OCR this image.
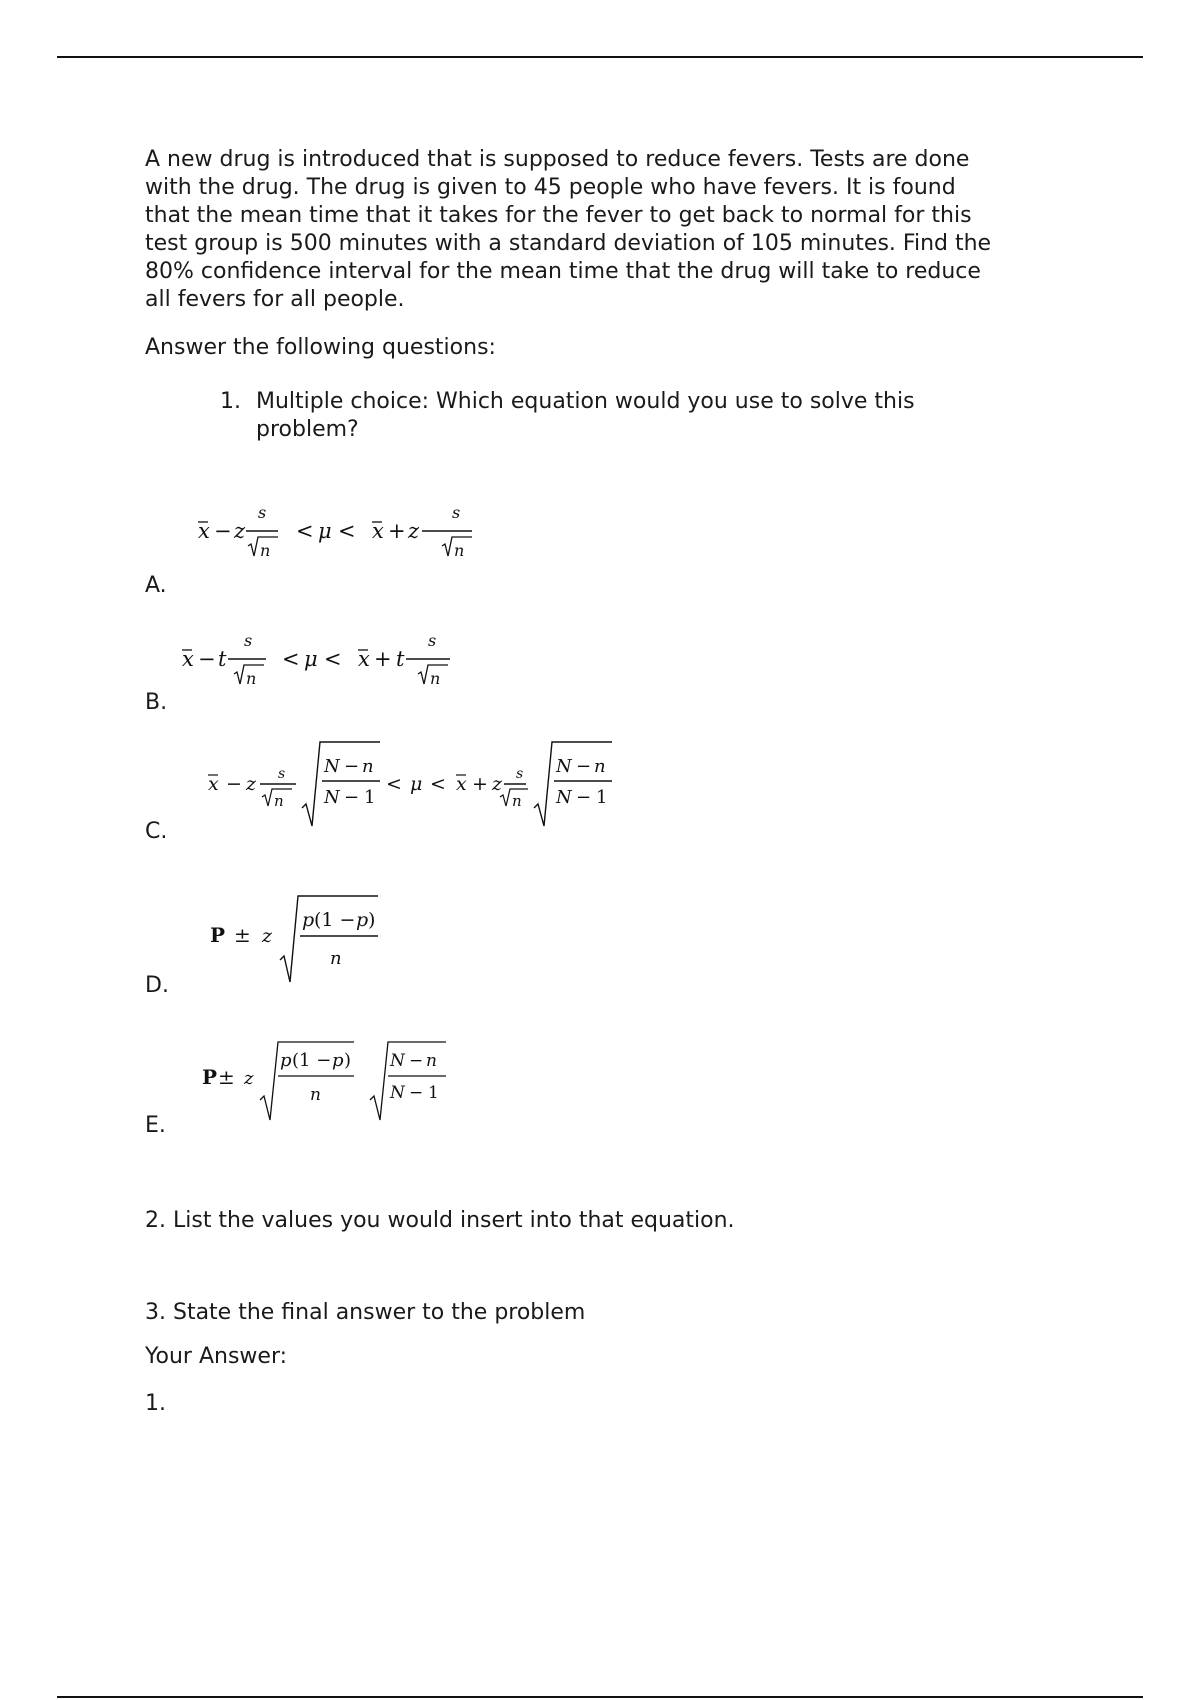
A new drug is introduced that is supposed to reduce fevers. Tests are done
with the drug. The drug is given to 45 people who have fevers. It is found
that the mean time that it takes for the fever to get back to normal for this
test group is 500 minutes with a standard deviation of 105 minutes. Find the
80% confidence interval for the mean time that the drug will take to reduce
all fevers for all people.
Answer the following questions:
1. Multiple choice: Which equation would you use to solve this
problem?
x − z
s
n
< μ < x + z
s
n
A.
x − t
s
n
< μ < x + t
s
n
B.
x − z s
n
N − n
N − 1
< μ < x + z s
n
N − n
N − 1
C.
P ± z
p (1 − p )
n
D.
P ± z
p (1 − p )
n
N − n
N − 1
E.
2. List the values you would insert into that equation.
3. State the final answer to the problem
Your Answer:
1.
